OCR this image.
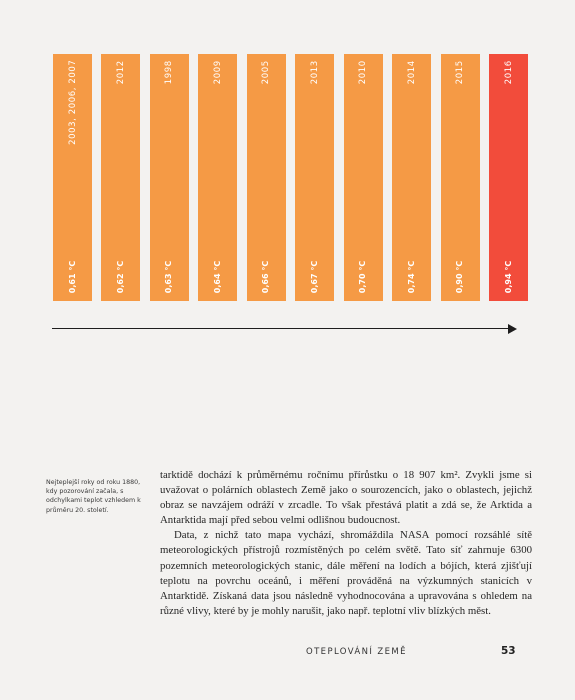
2003, 2006, 2007
0,61 °C
2012
0,62 °C
1998
0,63 °C
2009
0,64 °C
2005
0,66 °C
2013
0,67 °C
2010
0,70 °C
2014
0,74 °C
2015
0,90 °C
2016
0,94 °C
Nejteplejší roky od roku 1880, kdy pozorování začala, s odchylkami teplot vzhledem k průměru 20. století.

tarktidě dochází k průměrnému ročnímu přírůstku o 18 907 km². Zvykli jsme si uvažovat o polárních oblastech Země jako o sourozencích, jako o oblastech, jejichž obraz se navzájem odráží v zrcadle. To však přestává platit a zdá se, že Arktida a Antarktida mají před sebou velmi odlišnou budoucnost.

Data, z nichž tato mapa vychází, shromáždila NASA pomocí rozsáhlé sítě meteorologických přístrojů rozmístěných po celém světě. Tato síť zahrnuje 6300 pozemních meteorologických stanic, dále měření na lodích a bójích, která zjišťují teplotu na povrchu oceánů, i měření prováděná na výzkumných stanicích v Antarktidě. Získaná data jsou následně vyhodnocována a upravována s ohledem na různé vlivy, které by je mohly narušit, jako např. teplotní vliv blízkých měst.

OTEPLOVÁNÍ ZEMĚ	53
